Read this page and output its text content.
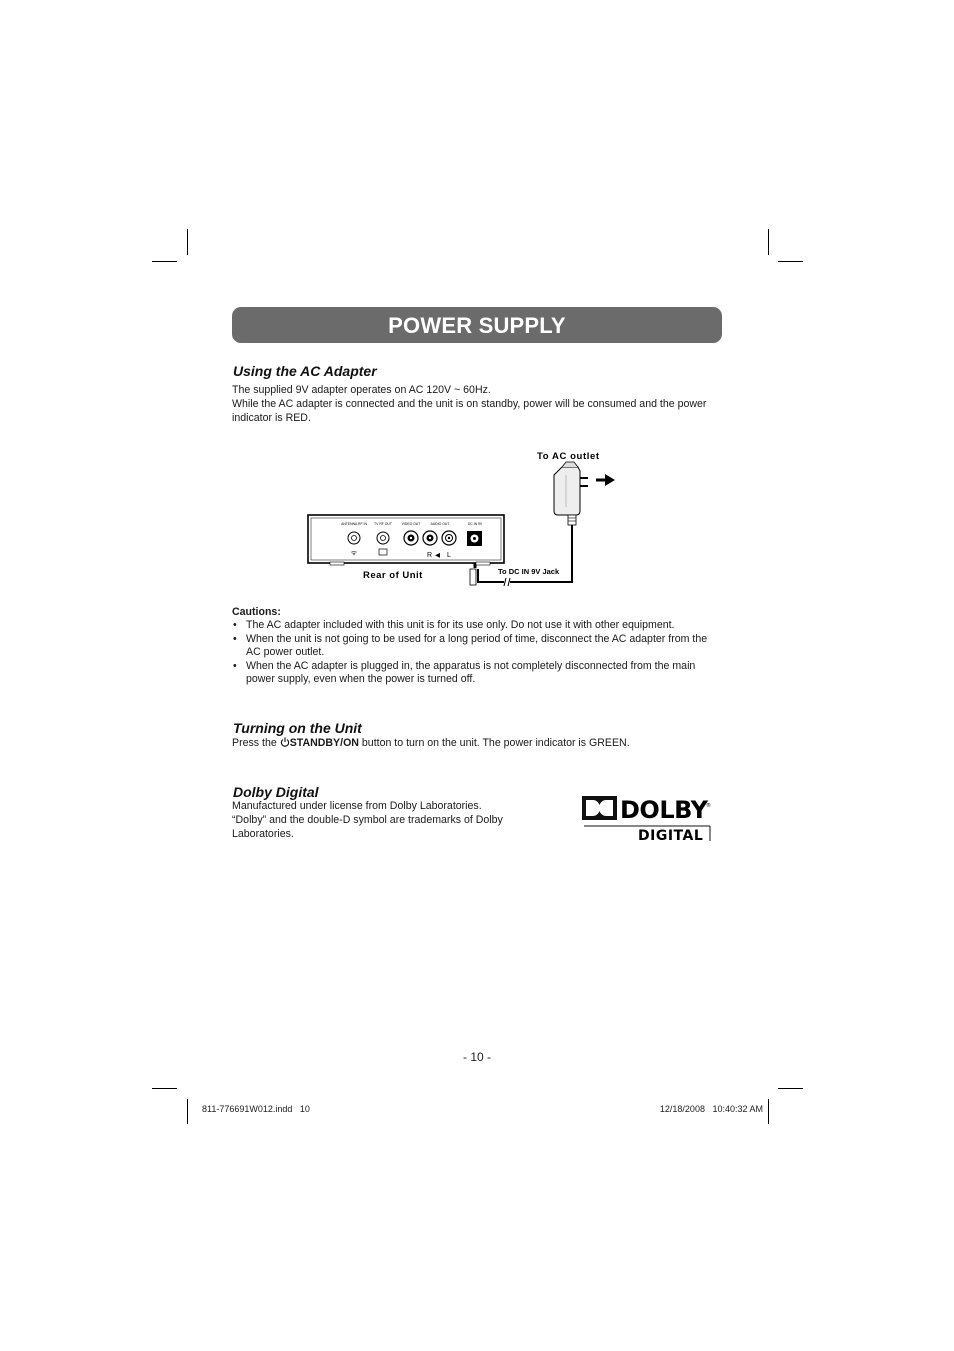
POWER SUPPLY
Using the AC Adapter
The supplied 9V adapter operates on AC 120V ~ 60Hz.
While the AC adapter is connected and the unit is on standby, power will be consumed and the power indicator is RED.
To AC outlet
To DC IN 9V Jack
ANTENNA RF IN TV RF OUT	VIDEO OUT	AUDIO OUT	DC IN 9V
ᯤ	R ◀ L
Rear of Unit
Cautions:
• The AC adapter included with this unit is for its use only. Do not use it with other equipment.
• When the unit is not going to be used for a long period of time, disconnect the AC adapter from the AC power outlet.
• When the AC adapter is plugged in, the apparatus is not completely disconnected from the main power supply, even when the power is turned off.
Turning on the Unit
Press the STANDBY/ON button to turn on the unit. The power indicator is GREEN.
Dolby Digital
Manufactured under license from Dolby Laboratories.
“Dolby” and the double-D symbol are trademarks of Dolby Laboratories.
DOLBY
®
DIGITAL
- 10 -
811-776691W012.indd   10	12/18/2008   10:40:32 AM
